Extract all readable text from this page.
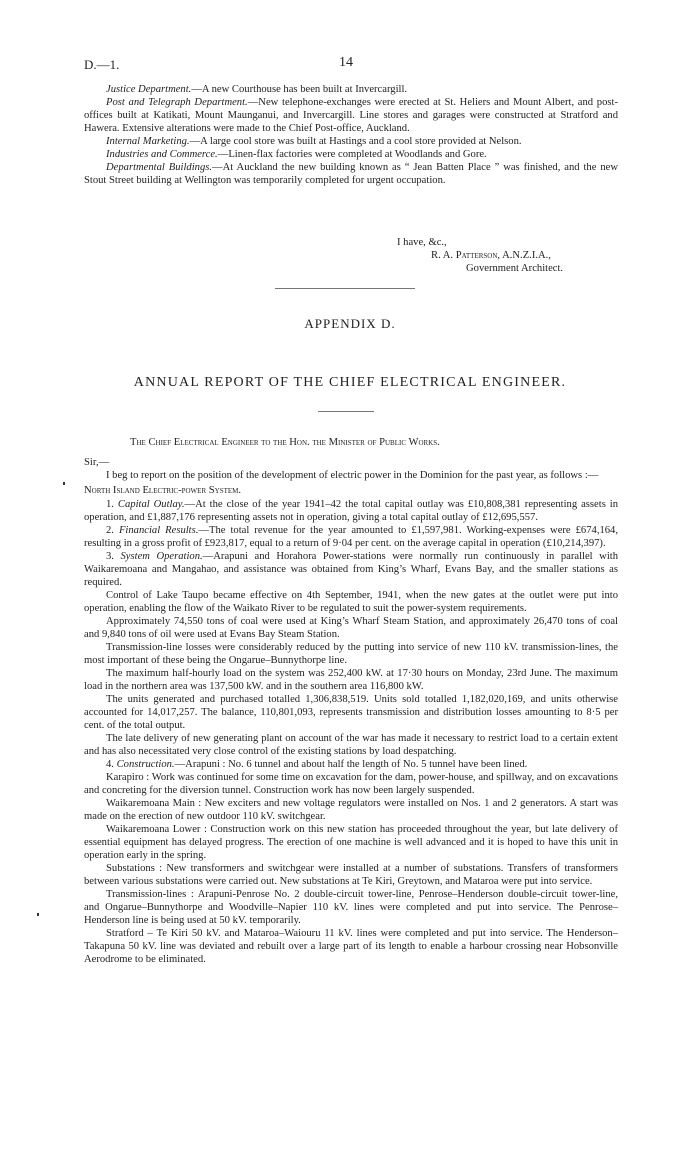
D.—1.	14

Justice Department.—A new Courthouse has been built at Invercargill.

Post and Telegraph Department.—New telephone-exchanges were erected at St. Heliers and Mount Albert, and post-offices built at Katikati, Mount Maunganui, and Invercargill. Line stores and garages were constructed at Stratford and Hawera. Extensive alterations were made to the Chief Post-office, Auckland.

Internal Marketing.—A large cool store was built at Hastings and a cool store provided at Nelson.

Industries and Commerce.—Linen-flax factories were completed at Woodlands and Gore.

Departmental Buildings.—At Auckland the new building known as “ Jean Batten Place ” was finished, and the new Stout Street building at Wellington was temporarily completed for urgent occupation.

I have, &c.,
R. A. Patterson, A.N.Z.I.A.,
Government Architect.
APPENDIX D.
ANNUAL REPORT OF THE CHIEF ELECTRICAL ENGINEER.

The Chief Electrical Engineer to the Hon. the Minister of Public Works.

Sir,—

I beg to report on the position of the development of electric power in the Dominion for the past year, as follows :—

North Island Electric-power System.

1. Capital Outlay.—At the close of the year 1941–42 the total capital outlay was £10,808,381 representing assets in operation, and £1,887,176 representing assets not in operation, giving a total capital outlay of £12,695,557.

2. Financial Results.—The total revenue for the year amounted to £1,597,981. Working-expenses were £674,164, resulting in a gross profit of £923,817, equal to a return of 9·04 per cent. on the average capital in operation (£10,214,397).

3. System Operation.—Arapuni and Horahora Power-stations were normally run continuously in parallel with Waikaremoana and Mangahao, and assistance was obtained from King’s Wharf, Evans Bay, and the smaller stations as required.

Control of Lake Taupo became effective on 4th September, 1941, when the new gates at the outlet were put into operation, enabling the flow of the Waikato River to be regulated to suit the power-system requirements.

Approximately 74,550 tons of coal were used at King’s Wharf Steam Station, and approximately 26,470 tons of coal and 9,840 tons of oil were used at Evans Bay Steam Station.

Transmission-line losses were considerably reduced by the putting into service of new 110 kV. transmission-lines, the most important of these being the Ongarue–Bunnythorpe line.

The maximum half-hourly load on the system was 252,400 kW. at 17·30 hours on Monday, 23rd June. The maximum load in the northern area was 137,500 kW. and in the southern area 116,800 kW.

The units generated and purchased totalled 1,306,838,519. Units sold totalled 1,182,020,169, and units otherwise accounted for 14,017,257. The balance, 110,801,093, represents transmission and distribution losses amounting to 8·5 per cent. of the total output.

The late delivery of new generating plant on account of the war has made it necessary to restrict load to a certain extent and has also necessitated very close control of the existing stations by load despatching.

4. Construction.—Arapuni : No. 6 tunnel and about half the length of No. 5 tunnel have been lined.

Karapiro : Work was continued for some time on excavation for the dam, power-house, and spillway, and on excavations and concreting for the diversion tunnel. Construction work has now been largely suspended.

Waikaremoana Main : New exciters and new voltage regulators were installed on Nos. 1 and 2 generators. A start was made on the erection of new outdoor 110 kV. switchgear.

Waikaremoana Lower : Construction work on this new station has proceeded throughout the year, but late delivery of essential equipment has delayed progress. The erection of one machine is well advanced and it is hoped to have this unit in operation early in the spring.

Substations : New transformers and switchgear were installed at a number of substations. Transfers of transformers between various substations were carried out. New substations at Te Kiri, Greytown, and Mataroa were put into service.

Transmission-lines : Arapuni-Penrose No. 2 double-circuit tower-line, Penrose–Henderson double-circuit tower-line, and Ongarue–Bunnythorpe and Woodville–Napier 110 kV. lines were completed and put into service. The Penrose–Henderson line is being used at 50 kV. temporarily.

Stratford – Te Kiri 50 kV. and Mataroa–Waiouru 11 kV. lines were completed and put into service. The Henderson–Takapuna 50 kV. line was deviated and rebuilt over a large part of its length to enable a harbour crossing near Hobsonville Aerodrome to be eliminated.
